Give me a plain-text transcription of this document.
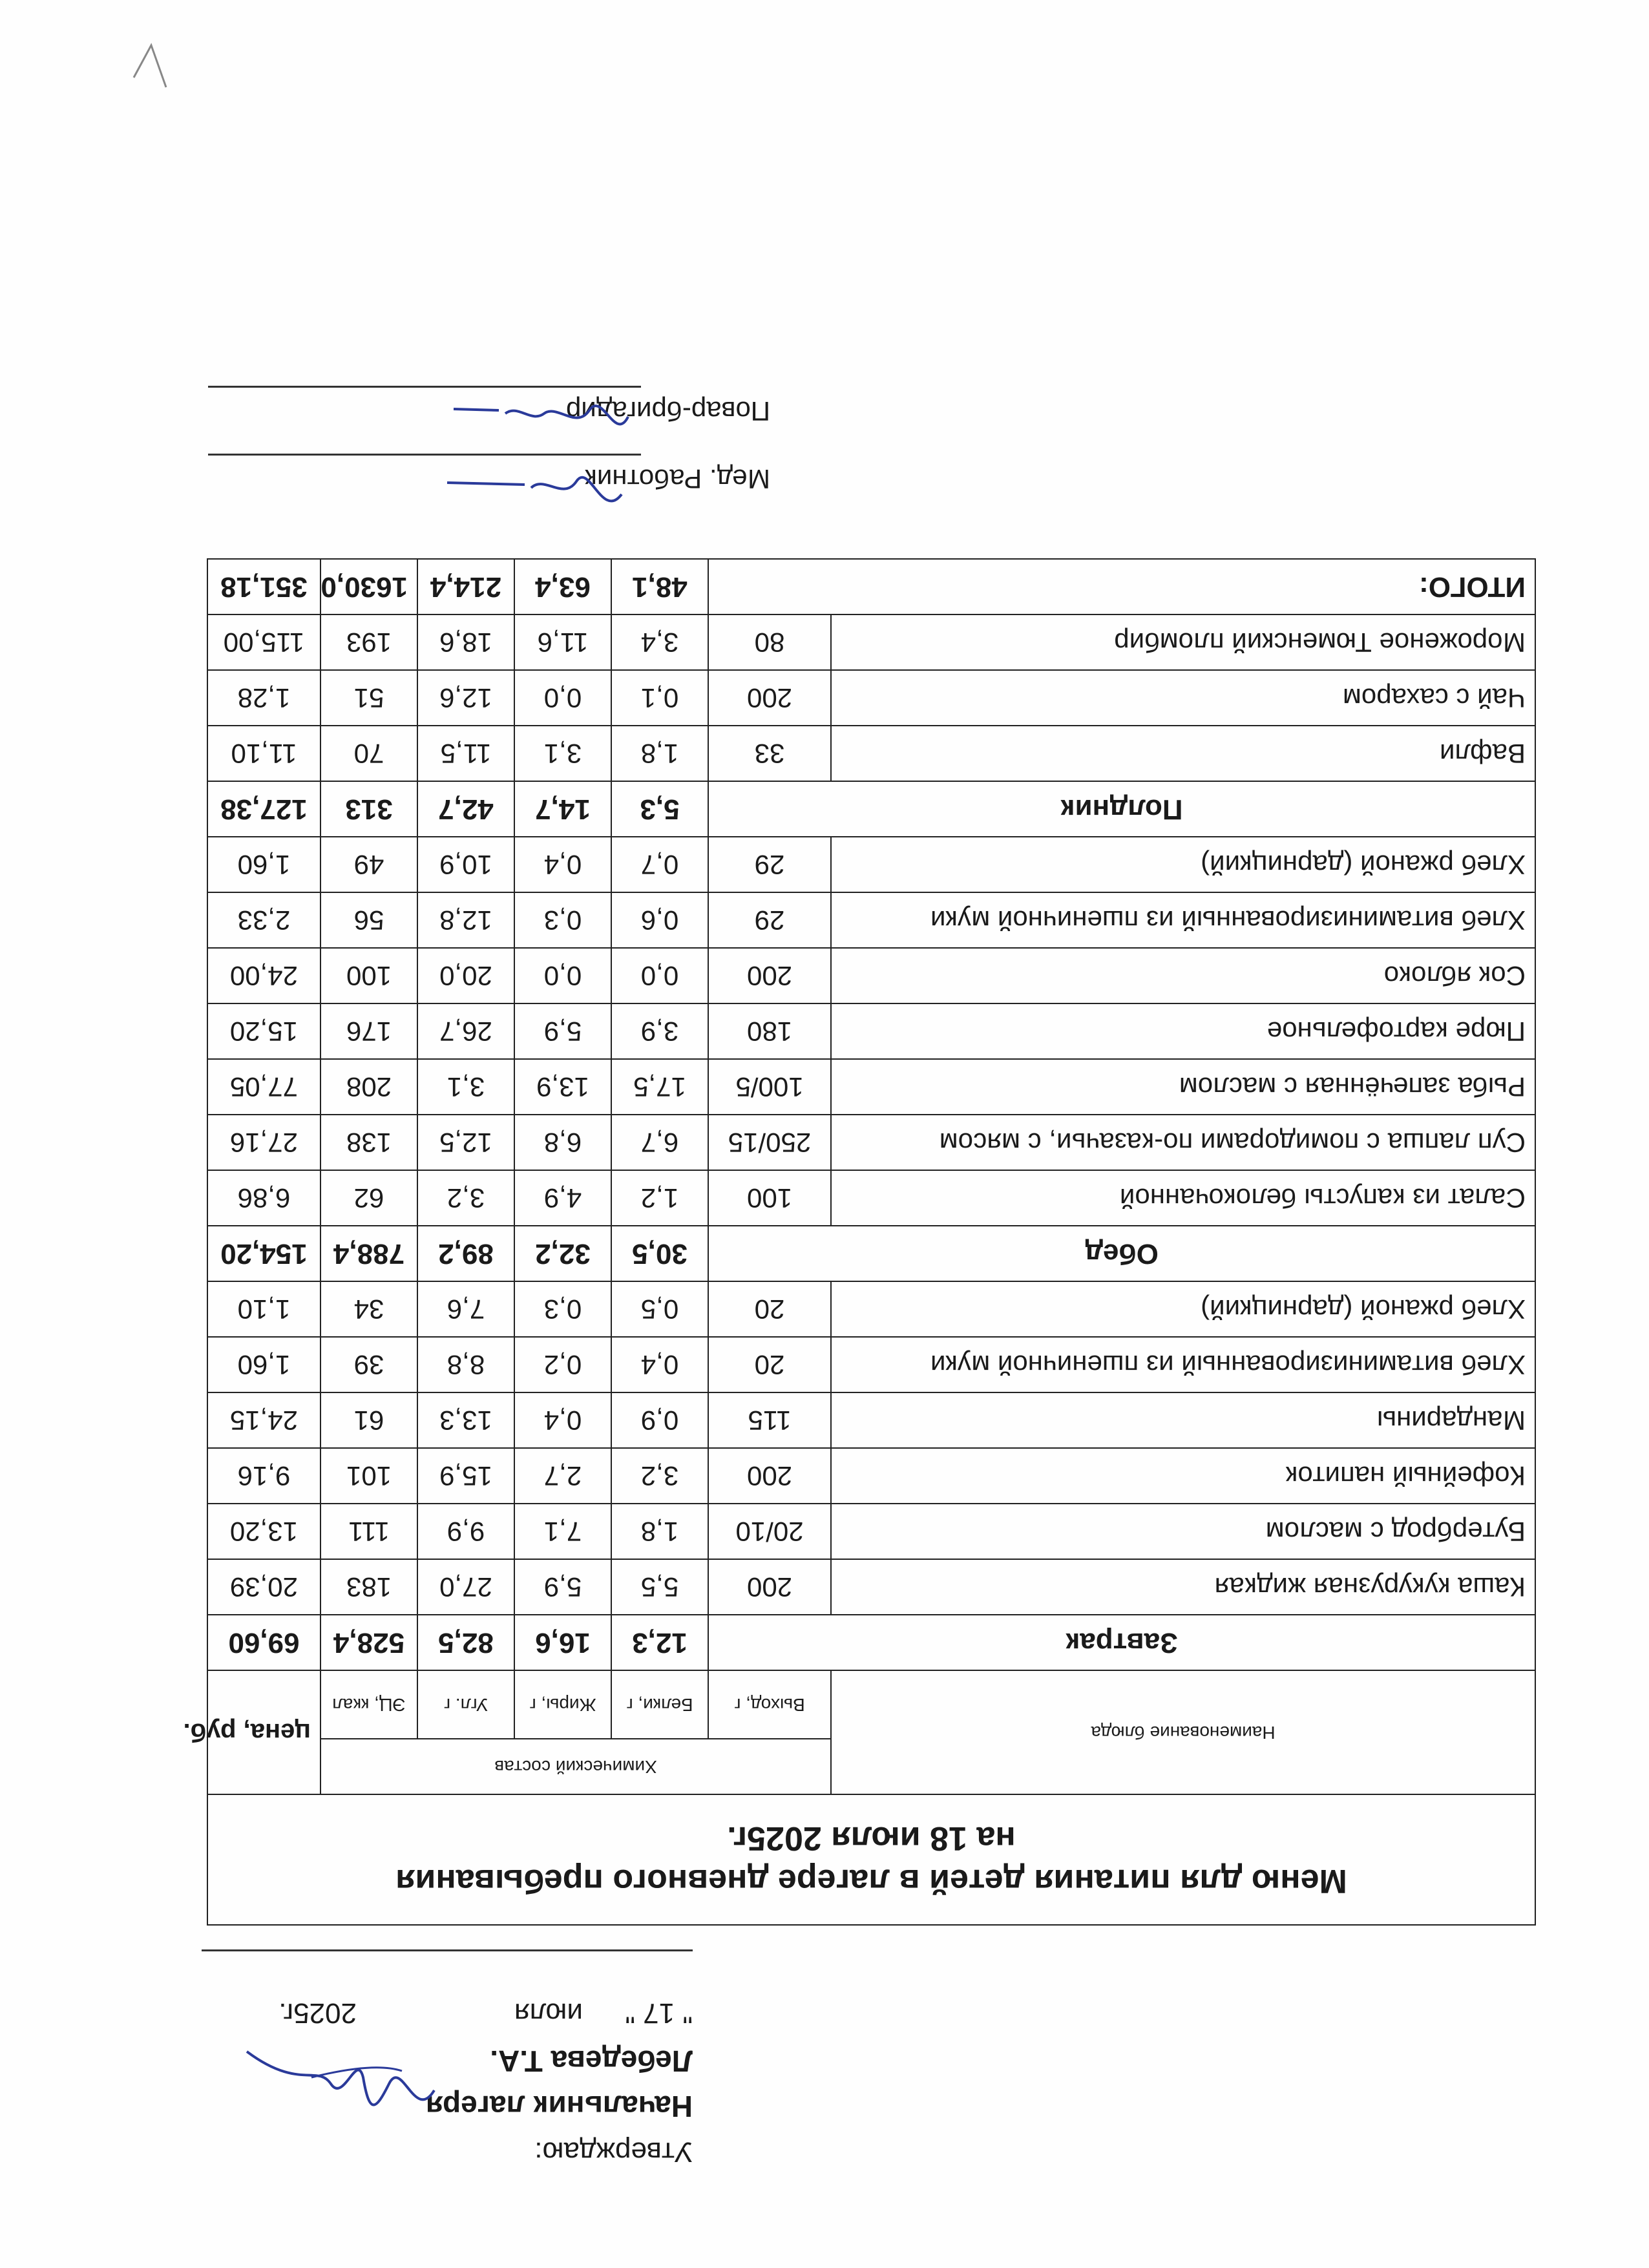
Утверждаю:
Начальник лагеря
Лебедева Т.А.
" 17 "
июля
2025г.
Меню для питания детей в лагере дневного пребывания
на 18 июля 2025г.						

Наименование блюда	Химический состав					цена, руб.
	Выход, г	Белки, г	Жиры, г	Угл. г	ЭЦ, ккал	
Завтрак		12,3	16,6	82,5	528,4	69,60
Каша кукурузная жидкая	200	5,5	5,9	27,0	183	20,39
Бутерброд с маслом	20/10	1,8	7,1	9,9	111	13,20
Кофейный напиток	200	3,2	2,7	15,9	101	9,16
Мандарины	115	0,9	0,4	13,3	61	24,15
Хлеб витаминизированный из пшеничной муки	20	0,4	0,2	8,8	39	1,60
Хлеб ржаной (дарницкий)	20	0,5	0,3	7,6	34	1,10
Обед		30,5	32,2	89,2	788,4	154,20
Салат из капусты белокочанной	100	1,2	4,9	3,2	62	6,86
Суп лапша с помидорами по-казачьи, с мясом	250/15	6,7	6,8	12,5	138	27,16
Рыба запечённая с маслом	100/5	17,5	13,9	3,1	208	77,05
Пюре картофельное	180	3,9	5,9	26,7	176	15,20
Сок яблоко	200	0,0	0,0	20,0	100	24,00
Хлеб витаминизированный из пшеничной муки	29	0,6	0,3	12,8	56	2,33
Хлеб ржаной (дарницкий)	29	0,7	0,4	10,9	49	1,60
Полдник		5,3	14,7	42,7	313	127,38
Вафли	33	1,8	3,1	11,5	70	11,10
Чай с сахаром	200	0,1	0,0	12,6	51	1,28
Мороженое Тюменский пломбир	80	3,4	11,6	18,6	193	115,00
ИТОГО:		48,1	63,4	214,4	1630,0	351,18
Мед. Работник
Повар-бригадир
